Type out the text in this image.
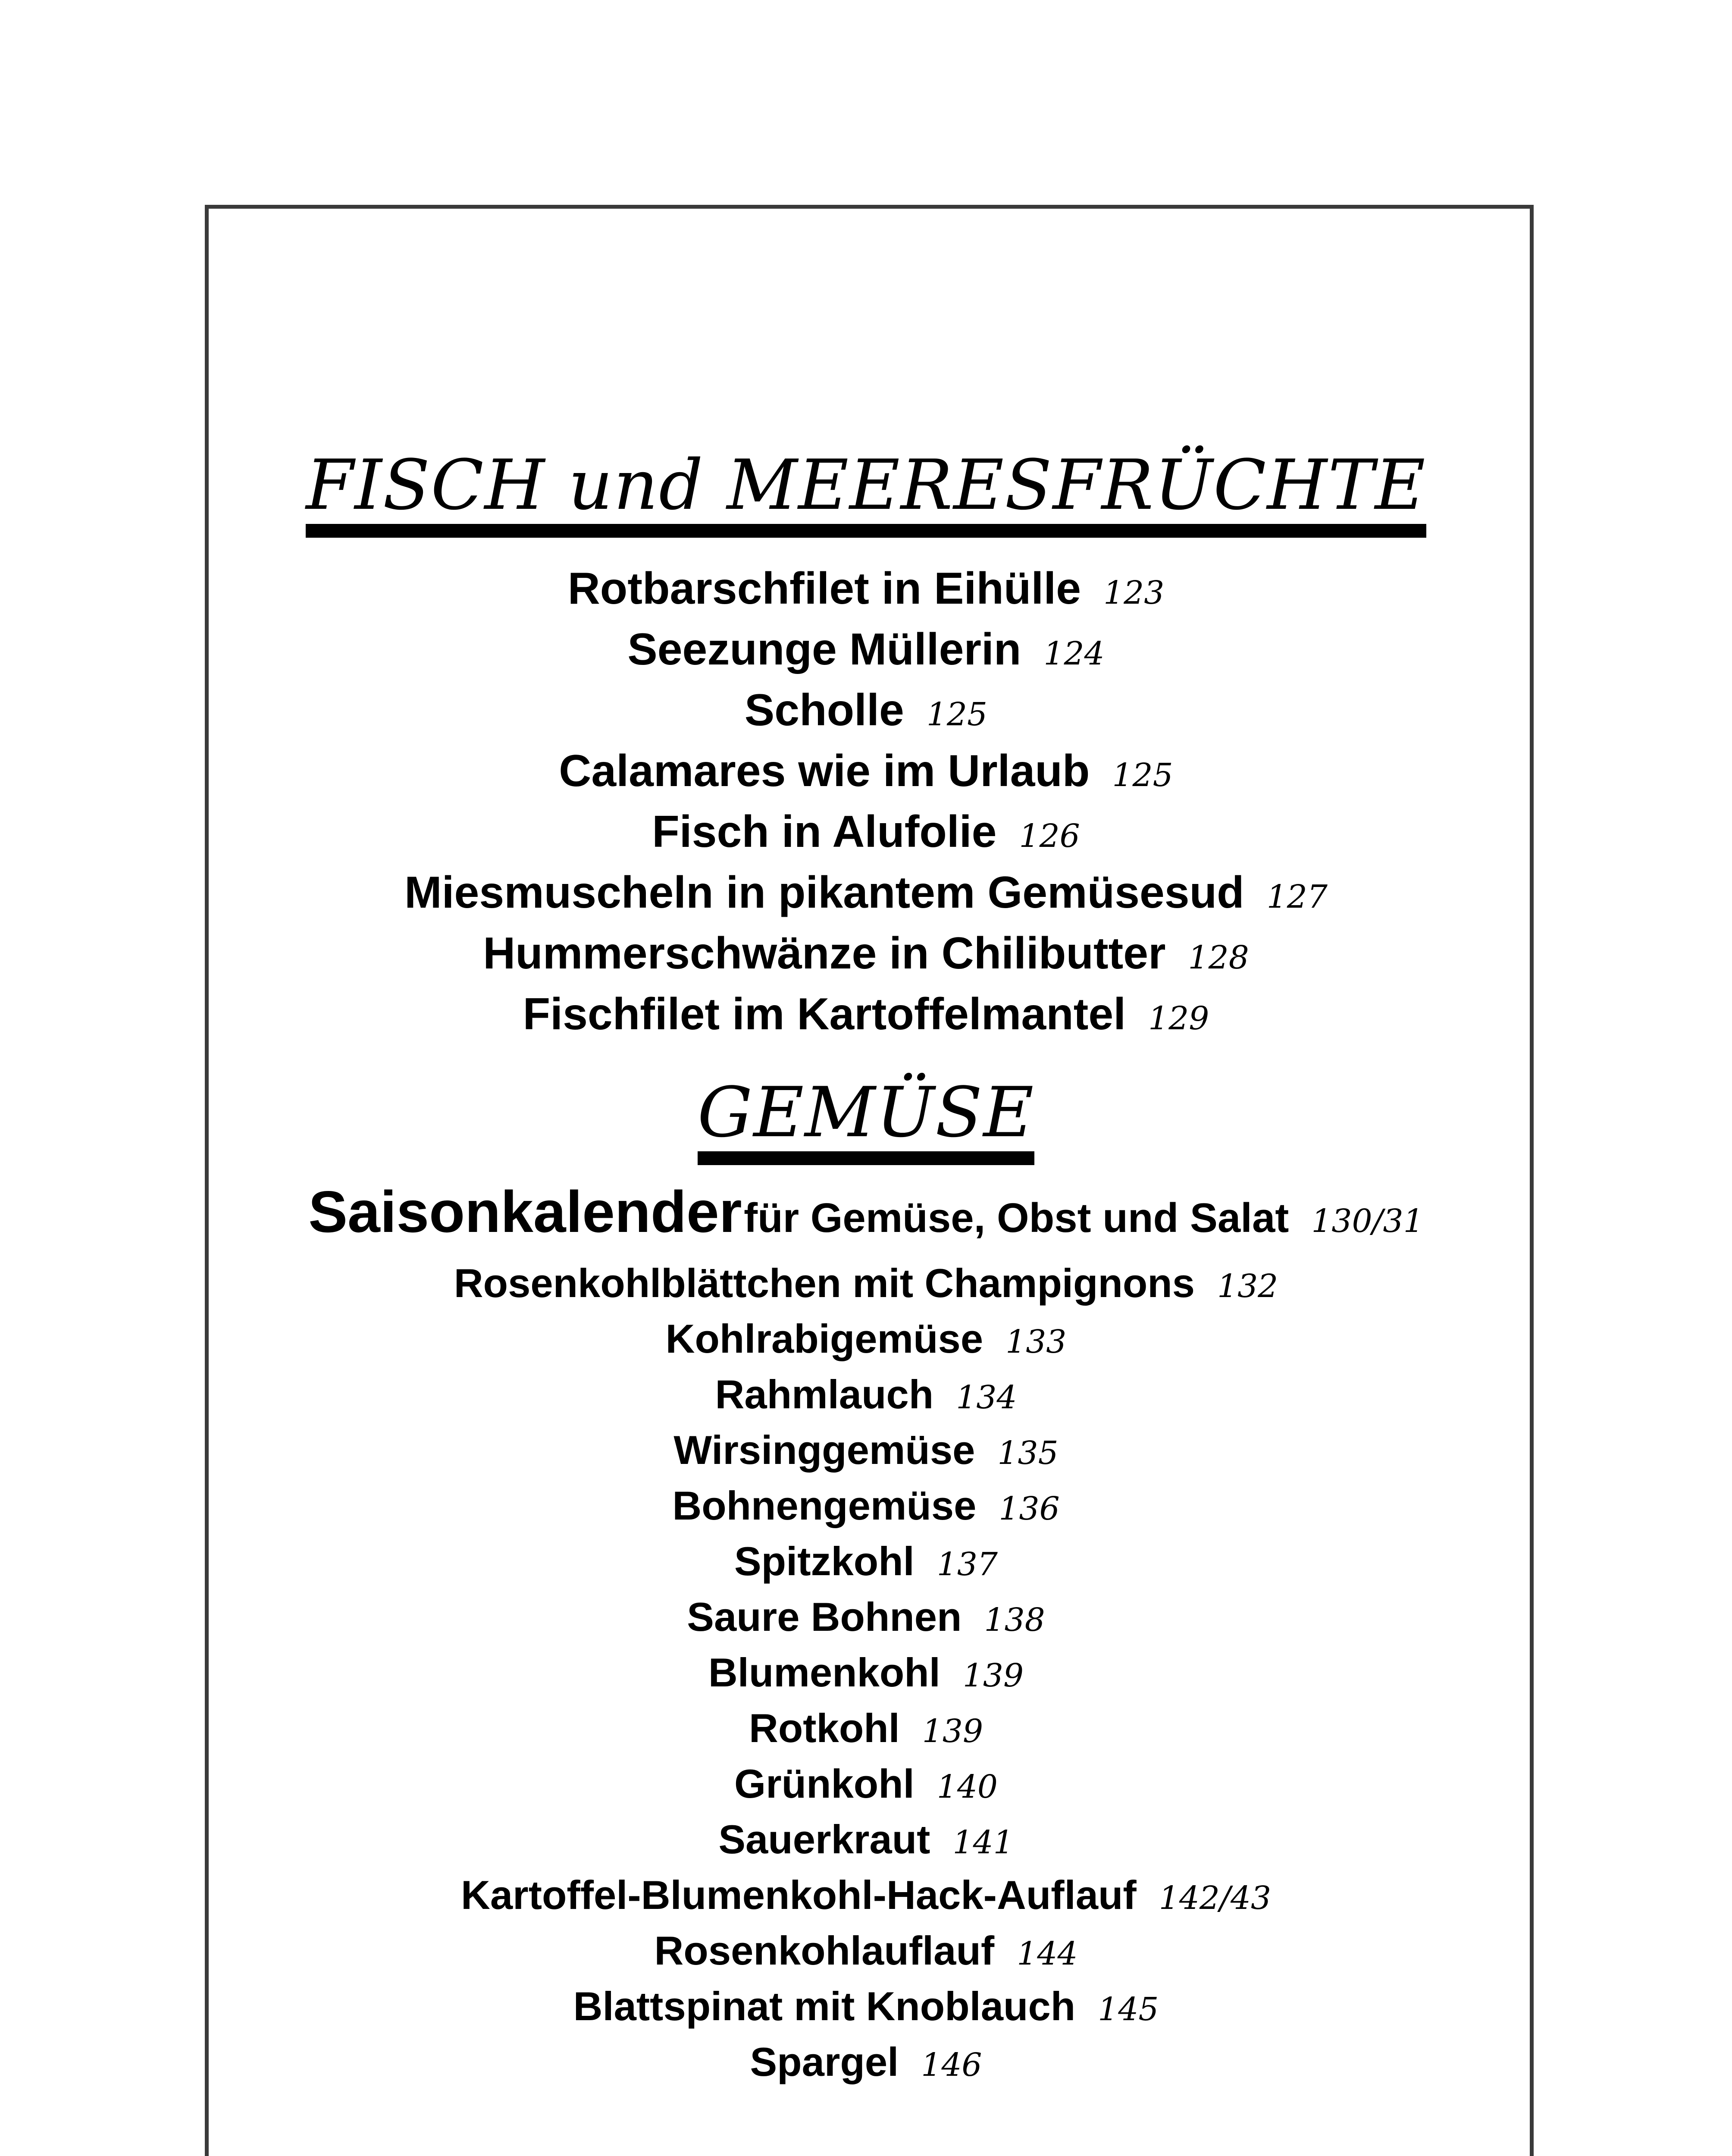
FISCH und MEERESFRÜCHTE
Rotbarschfilet in Eihülle 123
Seezunge Müllerin 124
Scholle 125
Calamares wie im Urlaub 125
Fisch in Alufolie 126
Miesmuscheln in pikantem Gemüsesud 127
Hummerschwänze in Chilibutter 128
Fischfilet im Kartoffelmantel 129
GEMÜSE
Saisonkalender für Gemüse, Obst und Salat 130/31
Rosenkohlblättchen mit Champignons 132
Kohlrabigemüse 133
Rahmlauch 134
Wirsinggemüse 135
Bohnengemüse 136
Spitzkohl 137
Saure Bohnen 138
Blumenkohl 139
Rotkohl 139
Grünkohl 140
Sauerkraut 141
Kartoffel-Blumenkohl-Hack-Auflauf 142/43
Rosenkohlauflauf 144
Blattspinat mit Knoblauch 145
Spargel 146
